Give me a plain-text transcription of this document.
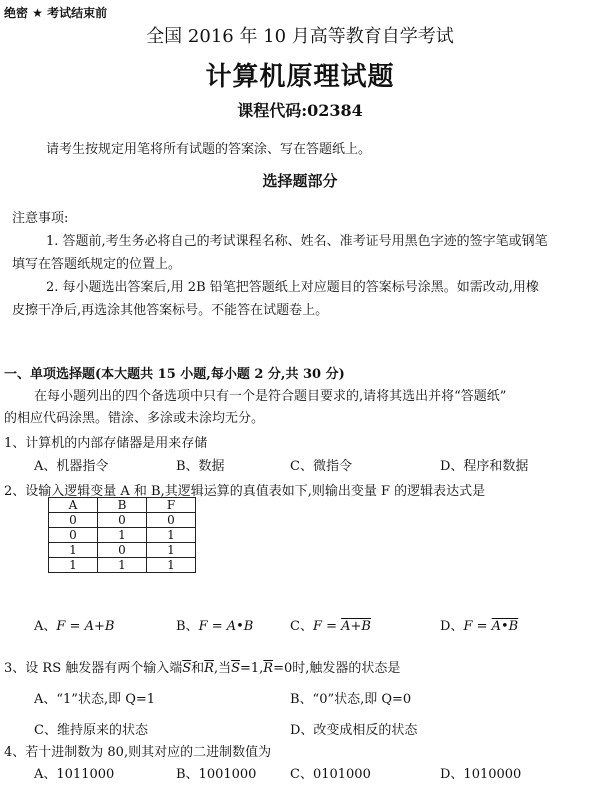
绝密 ★ 考试结束前
全国 2016 年 10 月高等教育自学考试
计算机原理试题
课程代码:02384
请考生按规定用笔将所有试题的答案涂、写在答题纸上。
选择题部分
注意事项:
1. 答题前,考生务必将自己的考试课程名称、姓名、准考证号用黑色字迹的签字笔或钢笔
填写在答题纸规定的位置上。
2. 每小题选出答案后,用 2B 铅笔把答题纸上对应题目的答案标号涂黑。如需改动,用橡
皮擦干净后,再选涂其他答案标号。不能答在试题卷上。
一、单项选择题(本大题共 15 小题,每小题 2 分,共 30 分)
在每小题列出的四个备选项中只有一个是符合题目要求的,请将其选出并将“答题纸”
的相应代码涂黑。错涂、多涂或未涂均无分。
1、计算机的内部存储器是用来存储
A、机器指令	B、数据	C、微指令	D、程序和数据
2、设输入逻辑变量 A 和 B,其逻辑运算的真值表如下,则输出变量 F 的逻辑表达式是
A	B	F
0	0	0
0	1	1
1	0	1
1	1	1
A、F = A+B	B、F = A•B	C、F = A+B	D、F = A•B
3、设 RS 触发器有两个输入端$\overline{S}$和$\overline{R}$,当$\overline{S}=1,\overline{R}=0$时,触发器的状态是
A、“1”状态,即 Q=1	B、“0”状态,即 Q=0
C、维持原来的状态	D、改变成相反的状态
4、若十进制数为 80,则其对应的二进制数值为
A、1011000	B、1001000	C、0101000	D、1010000
